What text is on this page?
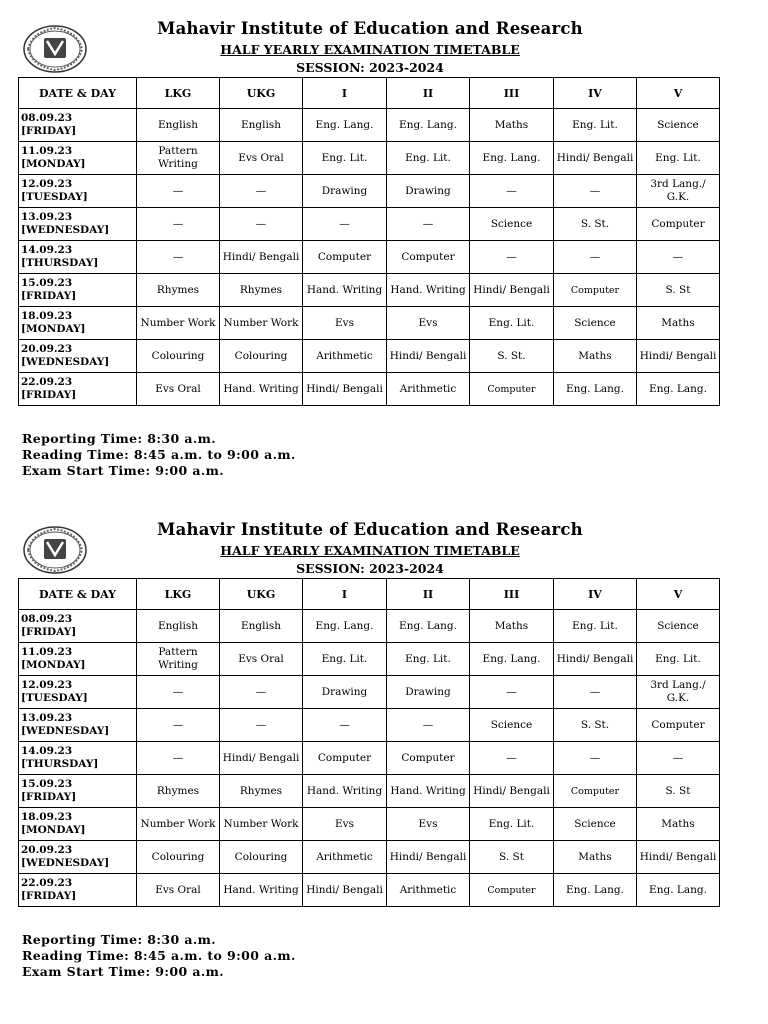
Mahavir Institute of Education and Research
HALF YEARLY EXAMINATION TIMETABLE
SESSION: 2023-2024
DATE & DAY	LKG	UKG	I	II	III	IV	V

08.09.23
[FRIDAY]	English	English	Eng. Lang.	Eng. Lang.	Maths	Eng. Lit.	Science

11.09.23
[MONDAY]	Pattern Writing	Evs Oral	Eng. Lit.	Eng. Lit.	Eng. Lang.	Hindi/ Bengali	Eng. Lit.

12.09.23
[TUESDAY]	—	—	Drawing	Drawing	—	—	3rd Lang./ G.K.

13.09.23
[WEDNESDAY]	—	—	—	—	Science	S. St.	Computer

14.09.23
[THURSDAY]	—	Hindi/ Bengali	Computer	Computer	—	—	—

15.09.23
[FRIDAY]	Rhymes	Rhymes	Hand. Writing	Hand. Writing	Hindi/ Bengali	Computer	S. St

18.09.23
[MONDAY]	Number Work	Number Work	Evs	Evs	Eng. Lit.	Science	Maths

20.09.23
[WEDNESDAY]	Colouring	Colouring	Arithmetic	Hindi/ Bengali	S. St.	Maths	Hindi/ Bengali

22.09.23
[FRIDAY]	Evs Oral	Hand. Writing	Hindi/ Bengali	Arithmetic	Computer	Eng. Lang.	Eng. Lang.
Reporting Time: 8:30 a.m.
Reading Time: 8:45 a.m. to 9:00 a.m.
Exam Start Time: 9:00 a.m.
Mahavir Institute of Education and Research
HALF YEARLY EXAMINATION TIMETABLE
SESSION: 2023-2024
DATE & DAY	LKG	UKG	I	II	III	IV	V

08.09.23
[FRIDAY]	English	English	Eng. Lang.	Eng. Lang.	Maths	Eng. Lit.	Science

11.09.23
[MONDAY]	Pattern Writing	Evs Oral	Eng. Lit.	Eng. Lit.	Eng. Lang.	Hindi/ Bengali	Eng. Lit.

12.09.23
[TUESDAY]	—	—	Drawing	Drawing	—	—	3rd Lang./ G.K.

13.09.23
[WEDNESDAY]	—	—	—	—	Science	S. St.	Computer

14.09.23
[THURSDAY]	—	Hindi/ Bengali	Computer	Computer	—	—	—

15.09.23
[FRIDAY]	Rhymes	Rhymes	Hand. Writing	Hand. Writing	Hindi/ Bengali	Computer	S. St

18.09.23
[MONDAY]	Number Work	Number Work	Evs	Evs	Eng. Lit.	Science	Maths

20.09.23
[WEDNESDAY]	Colouring	Colouring	Arithmetic	Hindi/ Bengali	S. St	Maths	Hindi/ Bengali

22.09.23
[FRIDAY]	Evs Oral	Hand. Writing	Hindi/ Bengali	Arithmetic	Computer	Eng. Lang.	Eng. Lang.
Reporting Time: 8:30 a.m.
Reading Time: 8:45 a.m. to 9:00 a.m.
Exam Start Time: 9:00 a.m.
